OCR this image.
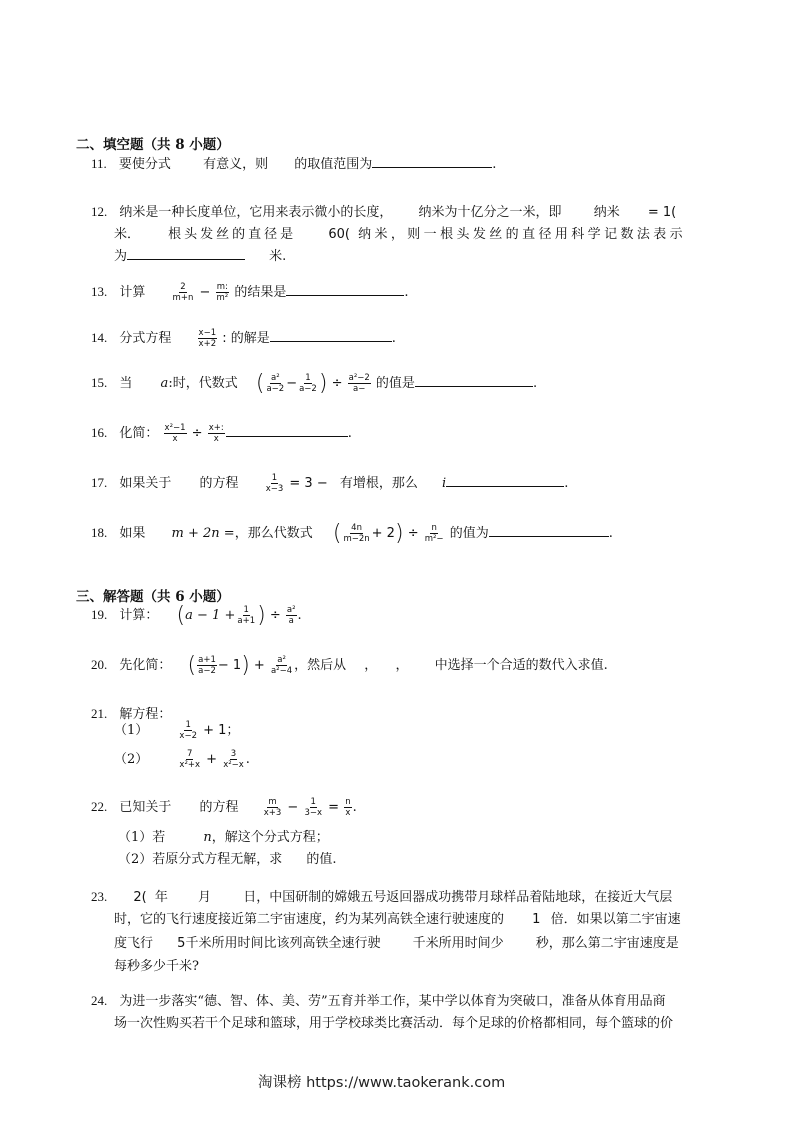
二、填空题（共 8 小题）
11. 要使分式 有意义，则 的取值范围为	.
12. 纳米是一种长度单位，它用来表示微小的长度， 纳米为十亿分之一米，即 纳米 = 1(
米． 根头发丝的直径是 60( 纳米，则一根头发丝的直径用科学记数法表示
为	米.
13. 计算	$\frac{2}{m+n} - \frac{m:}{\text{m²}}$ 的结果是	.
14. 分式方程	$\frac{x-1}{x+2}$ : 的解是	.
15. 当 a:时，代数式 ( $\frac{\text{a²}}{a-2} - \frac{1}{a-2}$ ) ÷ $\frac{\text{a²−2}}{a-}$ 的值是	.
16. 化简： $\frac{\text{x²−1}}{x} \div \frac{x+:}{x}$	.
17. 如果关于 的方程	$\frac{1}{x-3} = 3$ − 有增根，那么 i	.
18. 如果 m + 2n =，那么代数式 ( $\frac{4n}{m-2n} + 2) \div \frac{n}{\text{m²−}}$ 的值为	.
三、解答题（共 6 小题）
19. 计算： ($a - 1 + \frac{1}{a+1}$ ) ÷ $\frac{\text{a²}}{a}$ .
20. 先化简： ( $\frac{a+1}{a-2} - 1) + \frac{\text{a²}}{\text{a²−4}}$ ，然后从 ， ， 中选择一个合适的数代入求值.
21. 解方程：
（1）	$\frac{1}{x-2} + 1$；
（2）	$\frac{7}{\text{x²+x}} + \frac{3}{\text{x²−x}}$ .
22. 已知关于 的方程	$\frac{m}{x+3} - \frac{1}{3-x} = \frac{n}{x}$ .
（1）若	n，解这个分式方程；
（2）若原分式方程无解，求 的值.
23. 2( 年 月 日，中国研制的嫦娥五号返回器成功携带月球样品着陆地球，在接近大气层
时，它的飞行速度接近第二宇宙速度，约为某列高铁全速行驶速度的 1 倍．如果以第二宇宙速
度飞行 5千米所用时间比该列高铁全速行驶 千米所用时间少 秒，那么第二宇宙速度是
每秒多少千米?
24. 为进一步落实“德、智、体、美、劳”五育并举工作，某中学以体育为突破口，准备从体育用品商
场一次性购买若干个足球和篮球，用于学校球类比赛活动．每个足球的价格都相同，每个篮球的价
淘课榜 https://www.taokerank.com
